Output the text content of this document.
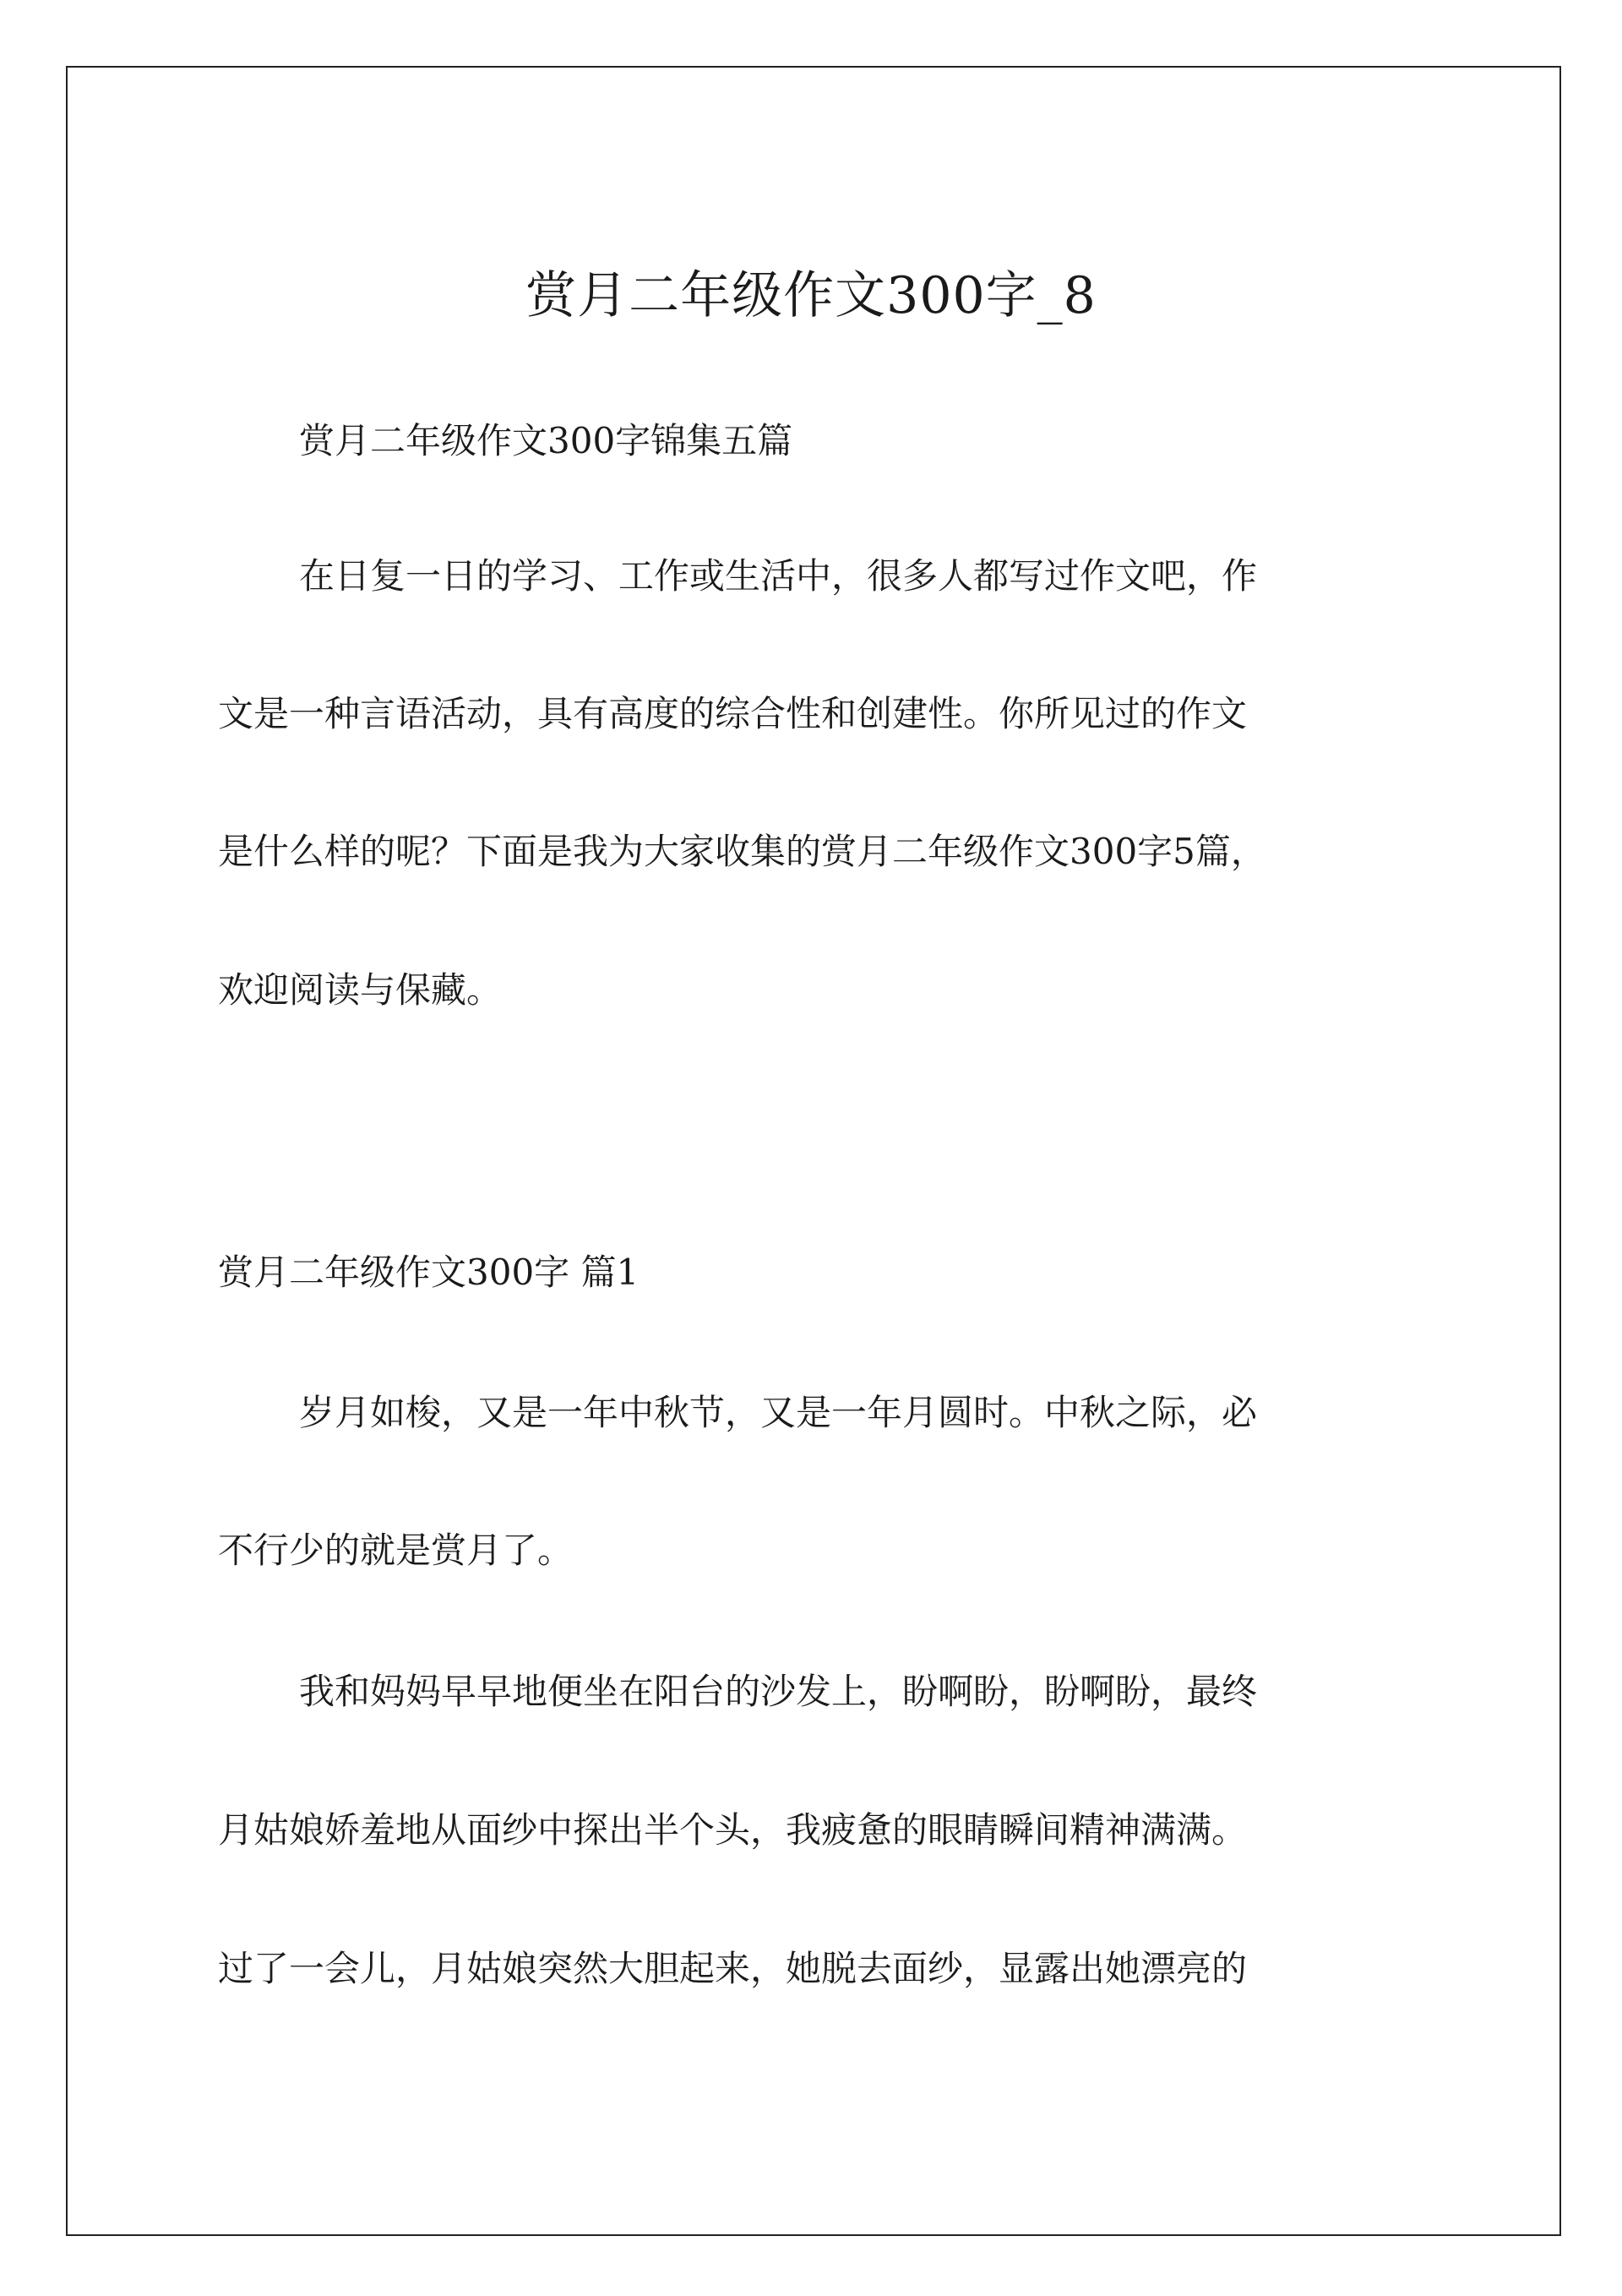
赏月二年级作文300字_8
赏月二年级作文300字锦集五篇
在日复一日的学习、工作或生活中，很多人都写过作文吧，作
文是一种言语活动，具有高度的综合性和创建性。你所见过的作文
是什么样的呢？下面是我为大家收集的赏月二年级作文300字5篇，
欢迎阅读与保藏。
赏月二年级作文300字 篇1
岁月如梭，又是一年中秋节，又是一年月圆时。中秋之际，必
不行少的就是赏月了。
我和妈妈早早地便坐在阳台的沙发上，盼啊盼，盼啊盼，最终
月姑娘娇羞地从面纱中探出半个头，我疲惫的眼睛瞬间精神满满。
过了一会儿，月姑娘突然大胆起来，她脱去面纱，显露出她漂亮的
